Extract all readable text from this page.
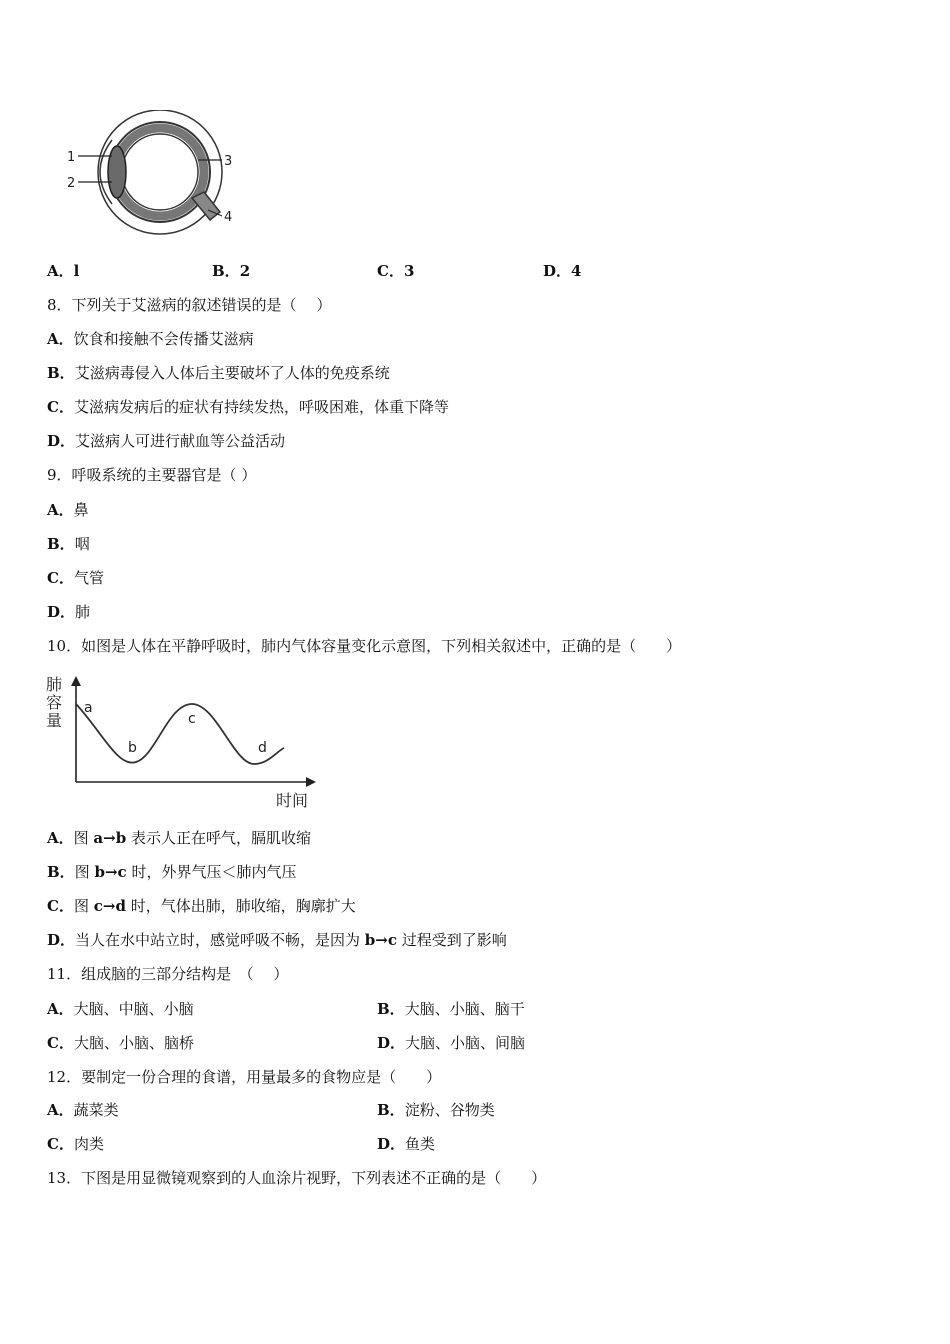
1
2
3
4
A．l	B．2	C．3	D．4
8．下列关于艾滋病的叙述错误的是（　 ）
A．饮食和接触不会传播艾滋病
B．艾滋病毒侵入人体后主要破坏了人体的免疫系统
C．艾滋病发病后的症状有持续发热，呼吸困难，体重下降等
D．艾滋病人可进行献血等公益活动
9．呼吸系统的主要器官是（ ）
A．鼻
B．咽
C．气管
D．肺
10．如图是人体在平静呼吸时，肺内气体容量变化示意图，下列相关叙述中，正确的是（　　）
肺
容
量
时间
a
b
c
d
A．图 a→b 表示人正在呼气，膈肌收缩
B．图 b→c 时，外界气压＜肺内气压
C．图 c→d 时，气体出肺，肺收缩，胸廓扩大
D．当人在水中站立时，感觉呼吸不畅，是因为 b→c 过程受到了影响
11．组成脑的三部分结构是　（　 ）
A．大脑、中脑、小脑	B．大脑、小脑、脑干
C．大脑、小脑、脑桥	D．大脑、小脑、间脑
12．要制定一份合理的食谱，用量最多的食物应是（　　）
A．蔬菜类	B．淀粉、谷物类
C．肉类	D．鱼类
13．下图是用显微镜观察到的人血涂片视野，下列表述不正确的是（　　）
